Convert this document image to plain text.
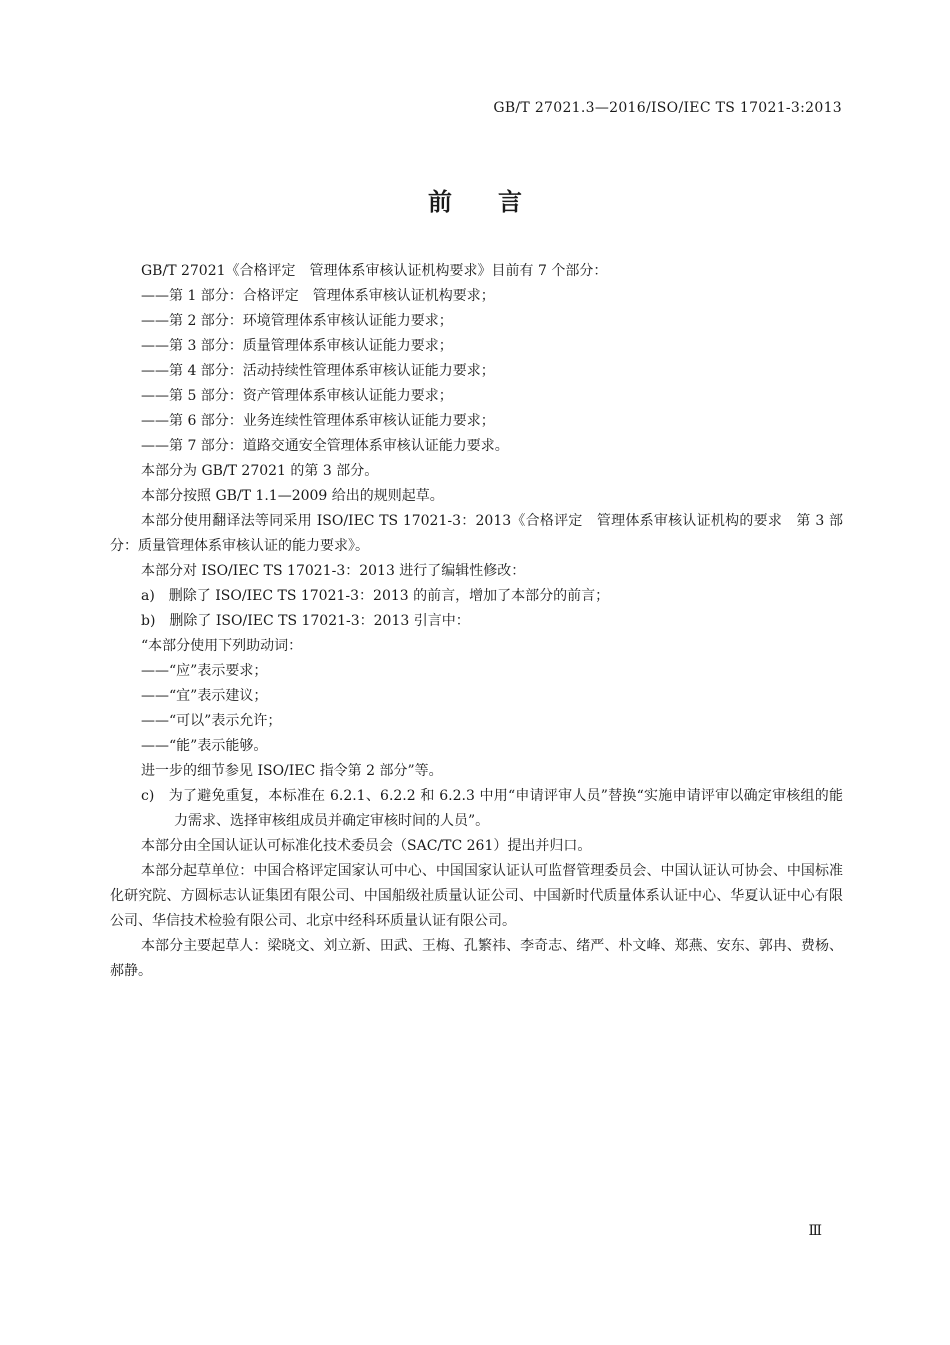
GB/T 27021.3—2016/ISO/IEC TS 17021-3:2013
前言
GB/T 27021《合格评定　管理体系审核认证机构要求》目前有 7 个部分：
——第 1 部分：合格评定　管理体系审核认证机构要求；
——第 2 部分：环境管理体系审核认证能力要求；
——第 3 部分：质量管理体系审核认证能力要求；
——第 4 部分：活动持续性管理体系审核认证能力要求；
——第 5 部分：资产管理体系审核认证能力要求；
——第 6 部分：业务连续性管理体系审核认证能力要求；
——第 7 部分：道路交通安全管理体系审核认证能力要求。
本部分为 GB/T 27021 的第 3 部分。
本部分按照 GB/T 1.1—2009 给出的规则起草。
本部分使用翻译法等同采用 ISO/IEC TS 17021-3：2013《合格评定　管理体系审核认证机构的要求　第 3 部分：质量管理体系审核认证的能力要求》。
本部分对 ISO/IEC TS 17021-3：2013 进行了编辑性修改：
a)　删除了 ISO/IEC TS 17021-3：2013 的前言，增加了本部分的前言；
b)　删除了 ISO/IEC TS 17021-3：2013 引言中：
“本部分使用下列助动词：
——“应”表示要求；
——“宜”表示建议；
——“可以”表示允许；
——“能”表示能够。
进一步的细节参见 ISO/IEC 指令第 2 部分”等。
c)　为了避免重复，本标准在 6.2.1、6.2.2 和 6.2.3 中用“申请评审人员”替换“实施申请评审以确定审核组的能力需求、选择审核组成员并确定审核时间的人员”。
本部分由全国认证认可标准化技术委员会（SAC/TC 261）提出并归口。
本部分起草单位：中国合格评定国家认可中心、中国国家认证认可监督管理委员会、中国认证认可协会、中国标准化研究院、方圆标志认证集团有限公司、中国船级社质量认证公司、中国新时代质量体系认证中心、华夏认证中心有限公司、华信技术检验有限公司、北京中经科环质量认证有限公司。
本部分主要起草人：梁晓文、刘立新、田武、王梅、孔繁祎、李奇志、绪严、朴文峰、郑燕、安东、郭冉、费杨、郝静。
Ⅲ
